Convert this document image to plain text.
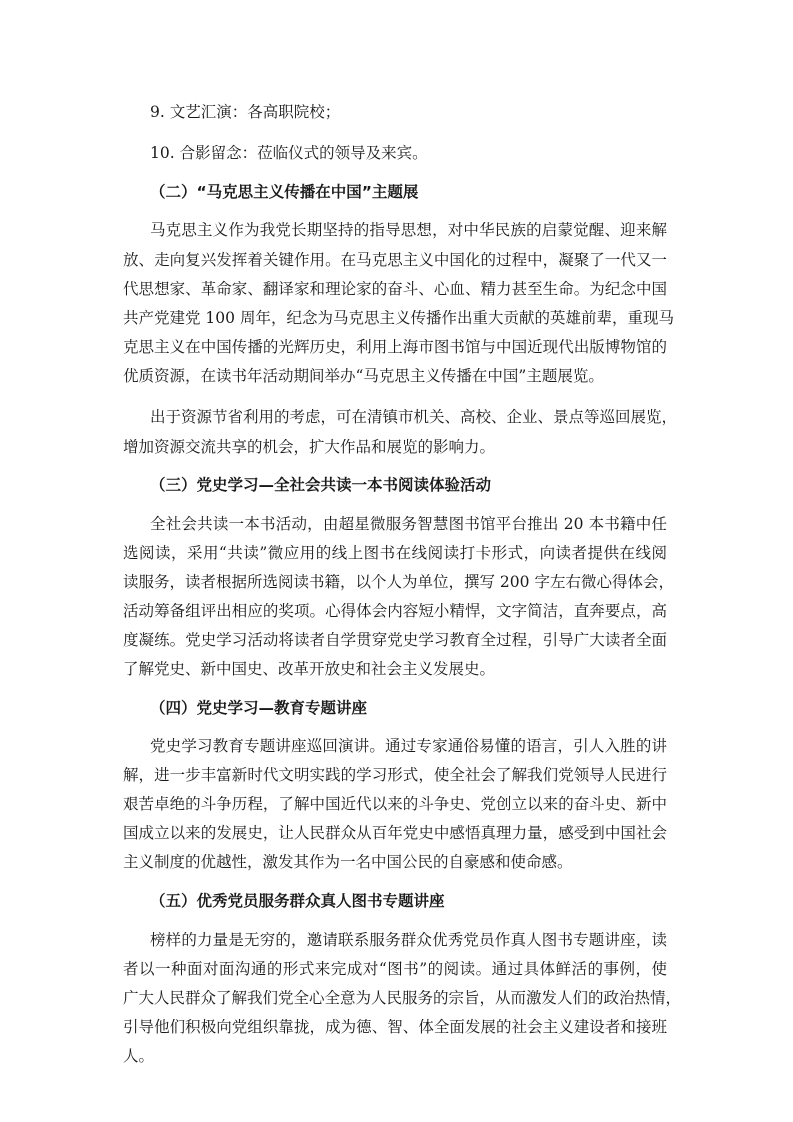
9. 文艺汇演：各高职院校；
10. 合影留念：莅临仪式的领导及来宾。
（二）“马克思主义传播在中国”主题展
马克思主义作为我党长期坚持的指导思想，对中华民族的启蒙觉醒、迎来解
放、走向复兴发挥着关键作用。在马克思主义中国化的过程中，凝聚了一代又一
代思想家、革命家、翻译家和理论家的奋斗、心血、精力甚至生命。为纪念中国
共产党建党 100 周年，纪念为马克思主义传播作出重大贡献的英雄前辈，重现马
克思主义在中国传播的光辉历史，利用上海市图书馆与中国近现代出版博物馆的
优质资源，在读书年活动期间举办“马克思主义传播在中国”主题展览。
出于资源节省利用的考虑，可在清镇市机关、高校、企业、景点等巡回展览，
增加资源交流共享的机会，扩大作品和展览的影响力。
（三）党史学习—全社会共读一本书阅读体验活动
全社会共读一本书活动，由超星微服务智慧图书馆平台推出 20 本书籍中任
选阅读，采用“共读”微应用的线上图书在线阅读打卡形式，向读者提供在线阅
读服务，读者根据所选阅读书籍，以个人为单位，撰写 200 字左右微心得体会，
活动筹备组评出相应的奖项。心得体会内容短小精悍，文字简洁，直奔要点，高
度凝练。党史学习活动将读者自学贯穿党史学习教育全过程，引导广大读者全面
了解党史、新中国史、改革开放史和社会主义发展史。
（四）党史学习—教育专题讲座
党史学习教育专题讲座巡回演讲。通过专家通俗易懂的语言，引人入胜的讲
解，进一步丰富新时代文明实践的学习形式，使全社会了解我们党领导人民进行
艰苦卓绝的斗争历程，了解中国近代以来的斗争史、党创立以来的奋斗史、新中
国成立以来的发展史，让人民群众从百年党史中感悟真理力量，感受到中国社会
主义制度的优越性，激发其作为一名中国公民的自豪感和使命感。
（五）优秀党员服务群众真人图书专题讲座
榜样的力量是无穷的，邀请联系服务群众优秀党员作真人图书专题讲座，读
者以一种面对面沟通的形式来完成对“图书”的阅读。通过具体鲜活的事例，使
广大人民群众了解我们党全心全意为人民服务的宗旨，从而激发人们的政治热情，
引导他们积极向党组织靠拢，成为德、智、体全面发展的社会主义建设者和接班
人。
